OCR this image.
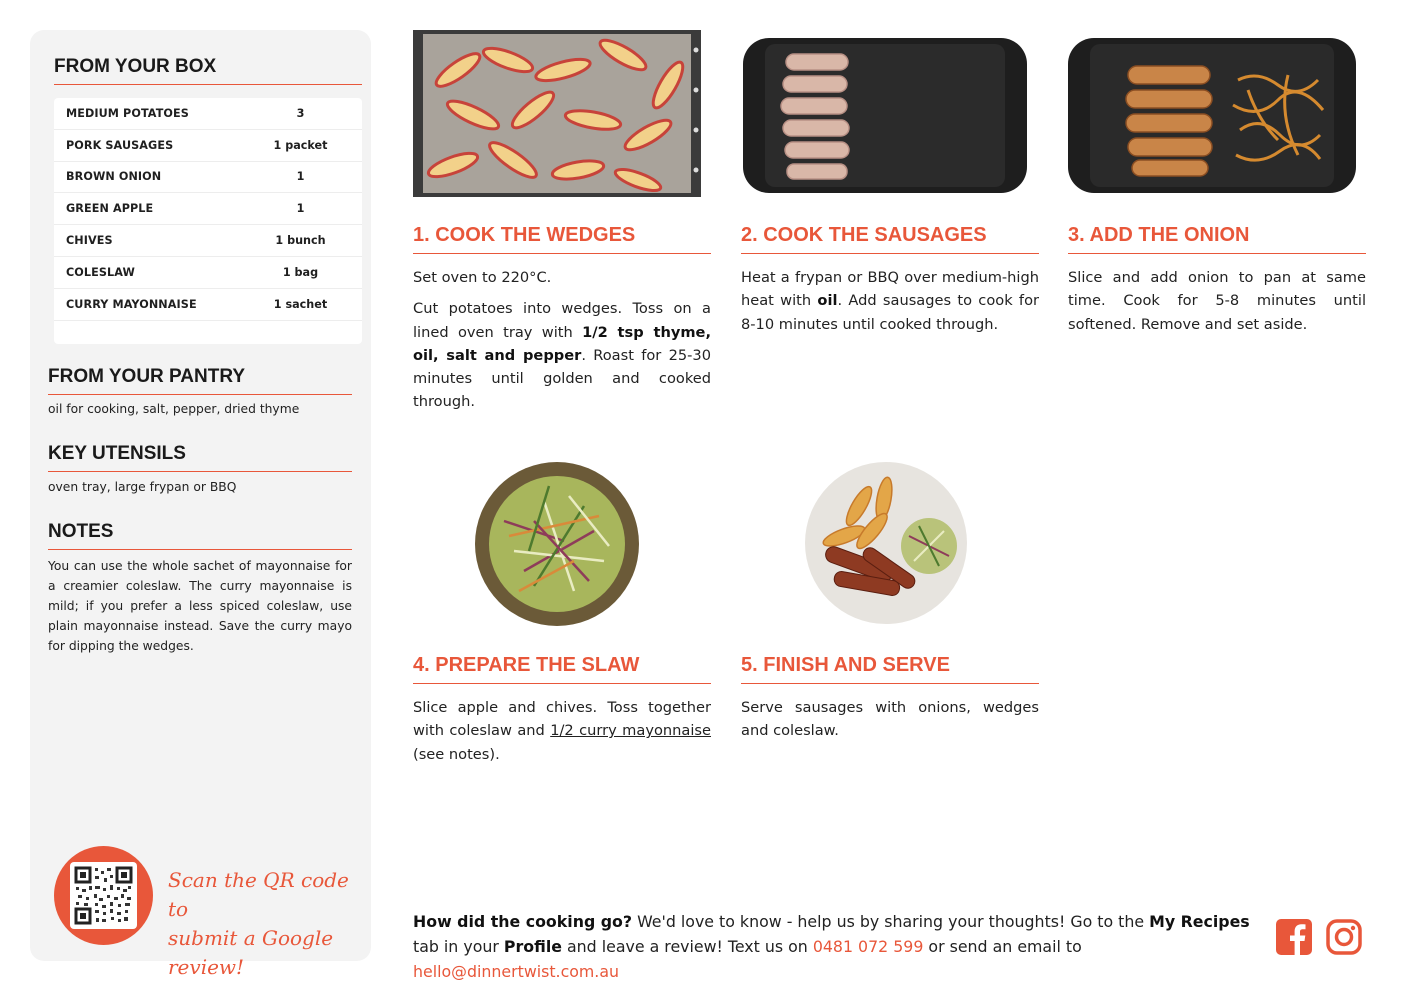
FROM YOUR BOX
MEDIUM POTATOES	3
PORK SAUSAGES	1 packet
BROWN ONION	1
GREEN APPLE	1
CHIVES	1 bunch
COLESLAW	1 bag
CURRY MAYONNAISE	1 sachet
FROM YOUR PANTRY
oil for cooking, salt, pepper, dried thyme
KEY UTENSILS
oven tray, large frypan or BBQ
NOTES
You can use the whole sachet of mayonnaise for a creamier coleslaw. The curry mayonnaise is mild; if you prefer a less spiced coleslaw, use plain mayonnaise instead. Save the curry mayo for dipping the wedges.
Scan the QR code to
submit a Google review!
1. COOK THE WEDGES

Set oven to 220°C.

Cut potatoes into wedges. Toss on a lined oven tray with 1/2 tsp thyme, oil, salt and pepper. Roast for 25-30 minutes until golden and cooked through.

2. COOK THE SAUSAGES

Heat a frypan or BBQ over medium-high heat with oil. Add sausages to cook for 8-10 minutes until cooked through.

3. ADD THE ONION

Slice and add onion to pan at same time. Cook for 5-8 minutes until softened. Remove and set aside.

4. PREPARE THE SLAW

Slice apple and chives. Toss together with coleslaw and 1/2 curry mayonnaise (see notes).

5. FINISH AND SERVE

Serve sausages with onions, wedges and coleslaw.

How did the cooking go? We'd love to know - help us by sharing your thoughts! Go to the My Recipes tab in your Profile and leave a review! Text us on 0481 072 599 or send an email to hello@dinnertwist.com.au
